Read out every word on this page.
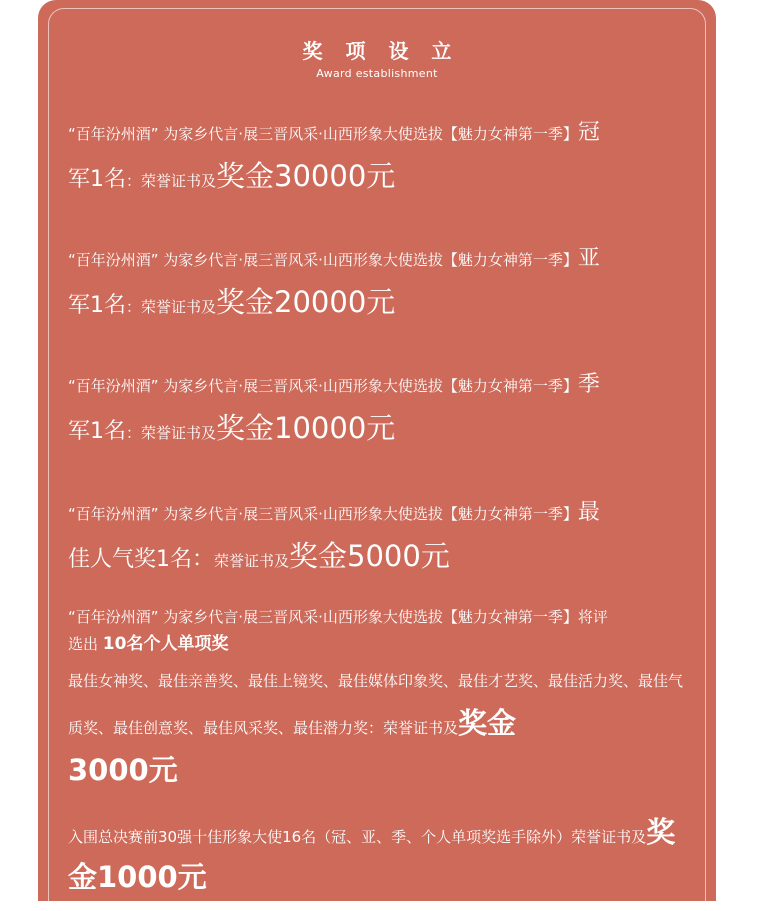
奖 项 设 立
Award establishment

“百年汾州酒” 为家乡代言·展三晋风采·山西形象大使选拔【魅力女神第一季】冠
军1名：荣誉证书及奖金30000元

“百年汾州酒” 为家乡代言·展三晋风采·山西形象大使选拔【魅力女神第一季】亚
军1名：荣誉证书及奖金20000元

“百年汾州酒” 为家乡代言·展三晋风采·山西形象大使选拔【魅力女神第一季】季
军1名：荣誉证书及奖金10000元

“百年汾州酒” 为家乡代言·展三晋风采·山西形象大使选拔【魅力女神第一季】最
佳人气奖1名：荣誉证书及奖金5000元

“百年汾州酒” 为家乡代言·展三晋风采·山西形象大使选拔【魅力女神第一季】将评
选出 10名个人单项奖
最佳女神奖、最佳亲善奖、最佳上镜奖、最佳媒体印象奖、最佳才艺奖、最佳活力奖、最佳气质奖、最佳创意奖、最佳风采奖、最佳潜力奖：荣誉证书及奖金
3000元
入围总决赛前30强十佳形象大使16名（冠、亚、季、个人单项奖选手除外）荣誉证书及奖金1000元
